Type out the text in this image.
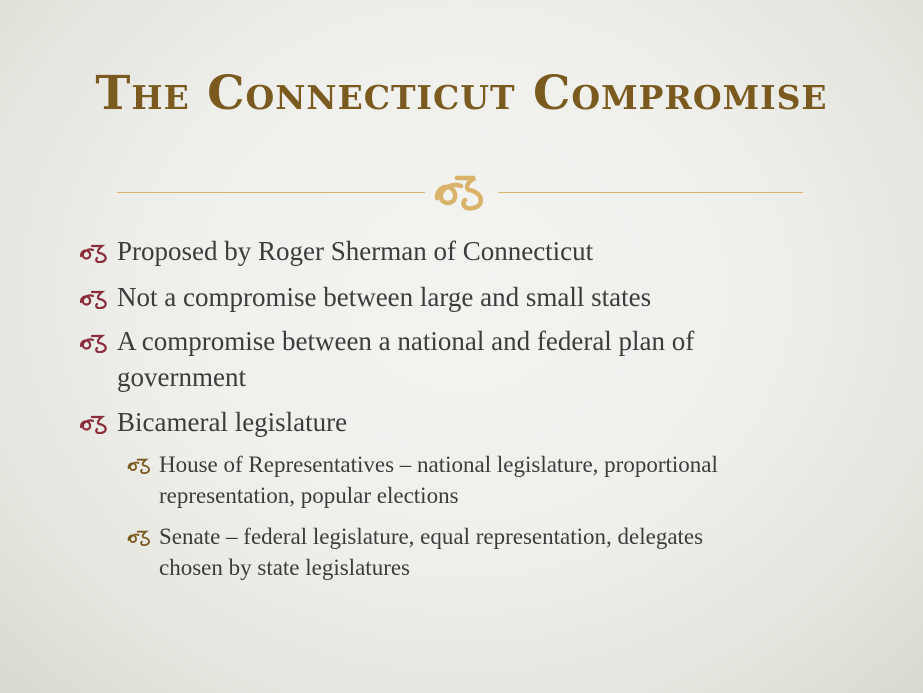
The Connecticut Compromise
Proposed by Roger Sherman of Connecticut
Not a compromise between large and small states
A compromise between a national and federal plan of
government
Bicameral legislature
House of Representatives – national legislature, proportional
representation, popular elections
Senate – federal legislature, equal representation, delegates
chosen by state legislatures
